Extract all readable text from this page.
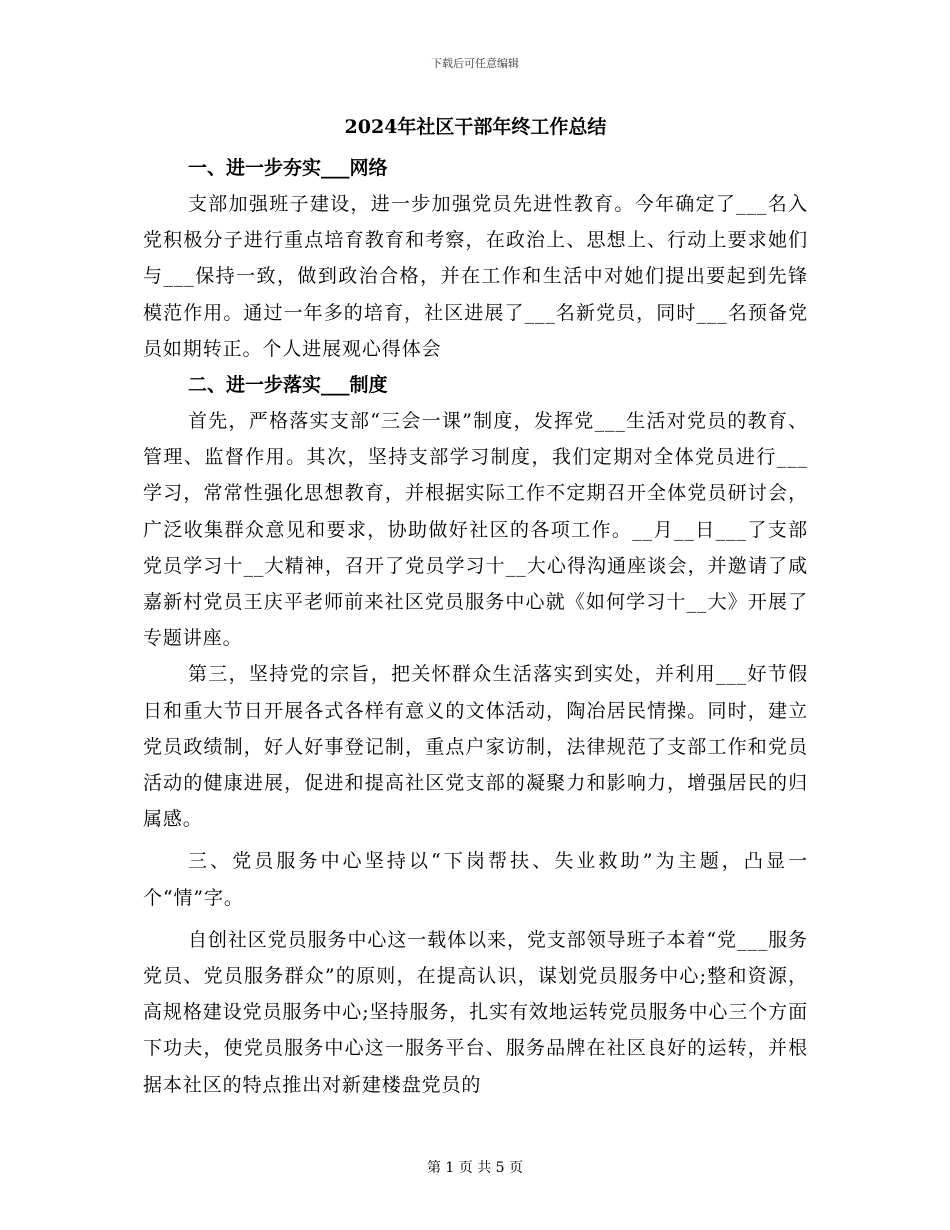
下载后可任意编辑
2024年社区干部年终工作总结
一、进一步夯实___网络

支部加强班子建设，进一步加强党员先进性教育。今年确定了___名入党积极分子进行重点培育教育和考察，在政治上、思想上、行动上要求她们与___保持一致，做到政治合格，并在工作和生活中对她们提出要起到先锋模范作用。通过一年多的培育，社区进展了___名新党员，同时___名预备党员如期转正。个人进展观心得体会

二、进一步落实___制度

首先，严格落实支部“三会一课”制度，发挥党___生活对党员的教育、管理、监督作用。其次，坚持支部学习制度，我们定期对全体党员进行___学习，常常性强化思想教育，并根据实际工作不定期召开全体党员研讨会，广泛收集群众意见和要求，协助做好社区的各项工作。__月__日___了支部党员学习十__大精神，召开了党员学习十__大心得沟通座谈会，并邀请了咸嘉新村党员王庆平老师前来社区党员服务中心就《如何学习十__大》开展了专题讲座。

第三，坚持党的宗旨，把关怀群众生活落实到实处，并利用___好节假日和重大节日开展各式各样有意义的文体活动，陶冶居民情操。同时，建立党员政绩制，好人好事登记制，重点户家访制，法律规范了支部工作和党员活动的健康进展，促进和提高社区党支部的凝聚力和影响力，增强居民的归属感。

三、党员服务中心坚持以“下岗帮扶、失业救助”为主题，凸显一个“情”字。

自创社区党员服务中心这一载体以来，党支部领导班子本着“党___服务党员、党员服务群众”的原则，在提高认识，谋划党员服务中心;整和资源，高规格建设党员服务中心;坚持服务，扎实有效地运转党员服务中心三个方面下功夫，使党员服务中心这一服务平台、服务品牌在社区良好的运转，并根据本社区的特点推出对新建楼盘党员的

第 1 页 共 5 页
